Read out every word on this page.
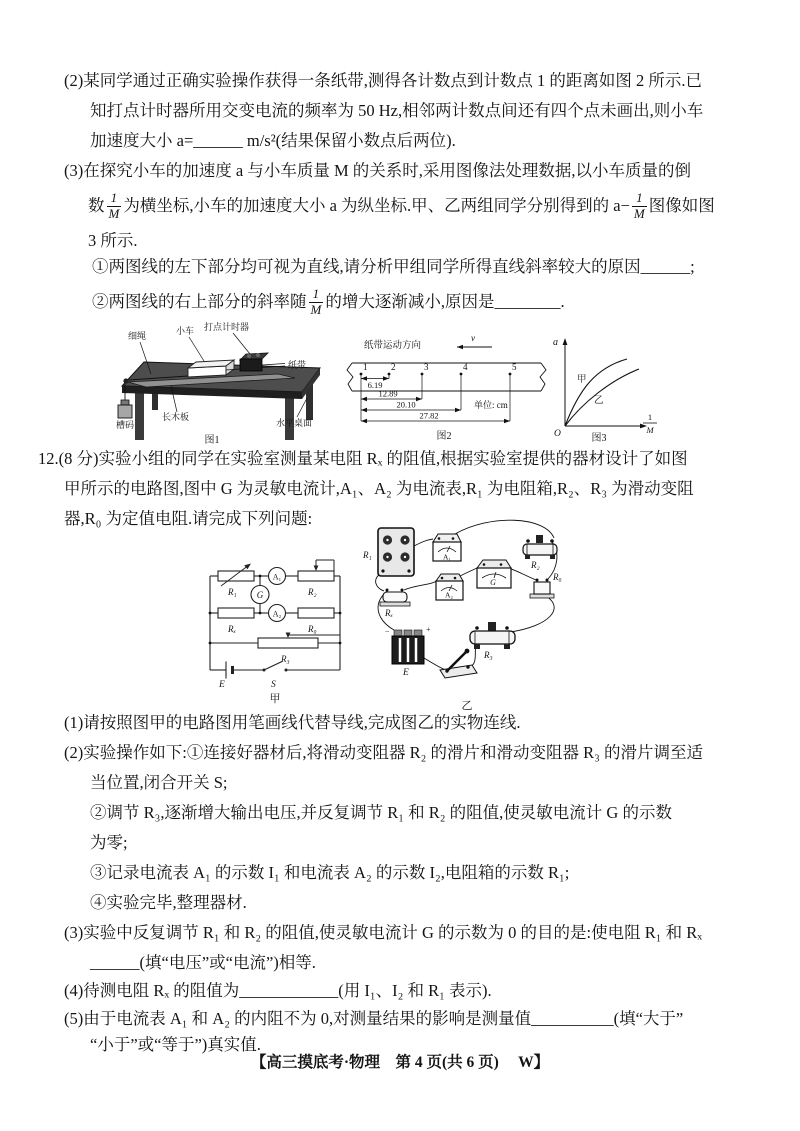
(2)某同学通过正确实验操作获得一条纸带,测得各计数点到计数点 1 的距离如图 2 所示.已
知打点计时器所用交变电流的频率为 50 Hz,相邻两计数点间还有四个点未画出,则小车
加速度大小 a=______ m/s²(结果保留小数点后两位).
(3)在探究小车的加速度 a 与小车质量 M 的关系时,采用图像法处理数据,以小车质量的倒
数 $\frac{1}{M}$ 为横坐标,小车的加速度大小 a 为纵坐标.甲、乙两组同学分别得到的 $a- \frac{1}{M}$ 图像如图
3 所示.
①两图线的左下部分均可视为直线,请分析甲组同学所得直线斜率较大的原因______;
②两图线的右上部分的斜率随 $\frac{1}{M}$ 的增大逐渐减小,原因是________.
细绳	小车 打点计时器
纸带
长木板
水平桌面
槽码
图1
纸带运动方向
v
1	2	3	4	5
6.19
12.89
20.10
27.82
单位: cm
图2
a
O
甲
乙
1
M
图3
12.(8 分)实验小组的同学在实验室测量某电阻 Rₓ 的阻值,根据实验室提供的器材设计了如图
甲所示的电路图,图中 G 为灵敏电流计,A₁、A₂ 为电流表,R₁ 为电阻箱,R₂、R₃ 为滑动变阻
器,R₀ 为定值电阻.请完成下列问题:
A₁
A₂
G
R₁	R₂
Rₓ	R₀
R₃
E	S
甲
R₁	A₁
R₂
G
A₂
R₀
Rₓ
+
−
E
R₃
乙
(1)请按照图甲的电路图用笔画线代替导线,完成图乙的实物连线.
(2)实验操作如下:①连接好器材后,将滑动变阻器 R₂ 的滑片和滑动变阻器 R₃ 的滑片调至适
当位置,闭合开关 S;
②调节 R₃,逐渐增大输出电压,并反复调节 R₁ 和 R₂ 的阻值,使灵敏电流计 G 的示数
为零;
③记录电流表 A₁ 的示数 I₁ 和电流表 A₂ 的示数 I₂,电阻箱的示数 R₁;
④实验完毕,整理器材.
(3)实验中反复调节 R₁ 和 R₂ 的阻值,使灵敏电流计 G 的示数为 0 的目的是:使电阻 R₁ 和 Rₓ
______(填“电压”或“电流”)相等.
(4)待测电阻 Rₓ 的阻值为____________(用 I₁、I₂ 和 R₁ 表示).
(5)由于电流表 A₁ 和 A₂ 的内阻不为 0,对测量结果的影响是测量值__________(填“大于”
“小于”或“等于”)真实值.
【高三摸底考·物理　第 4 页(共 6 页)　 W】
